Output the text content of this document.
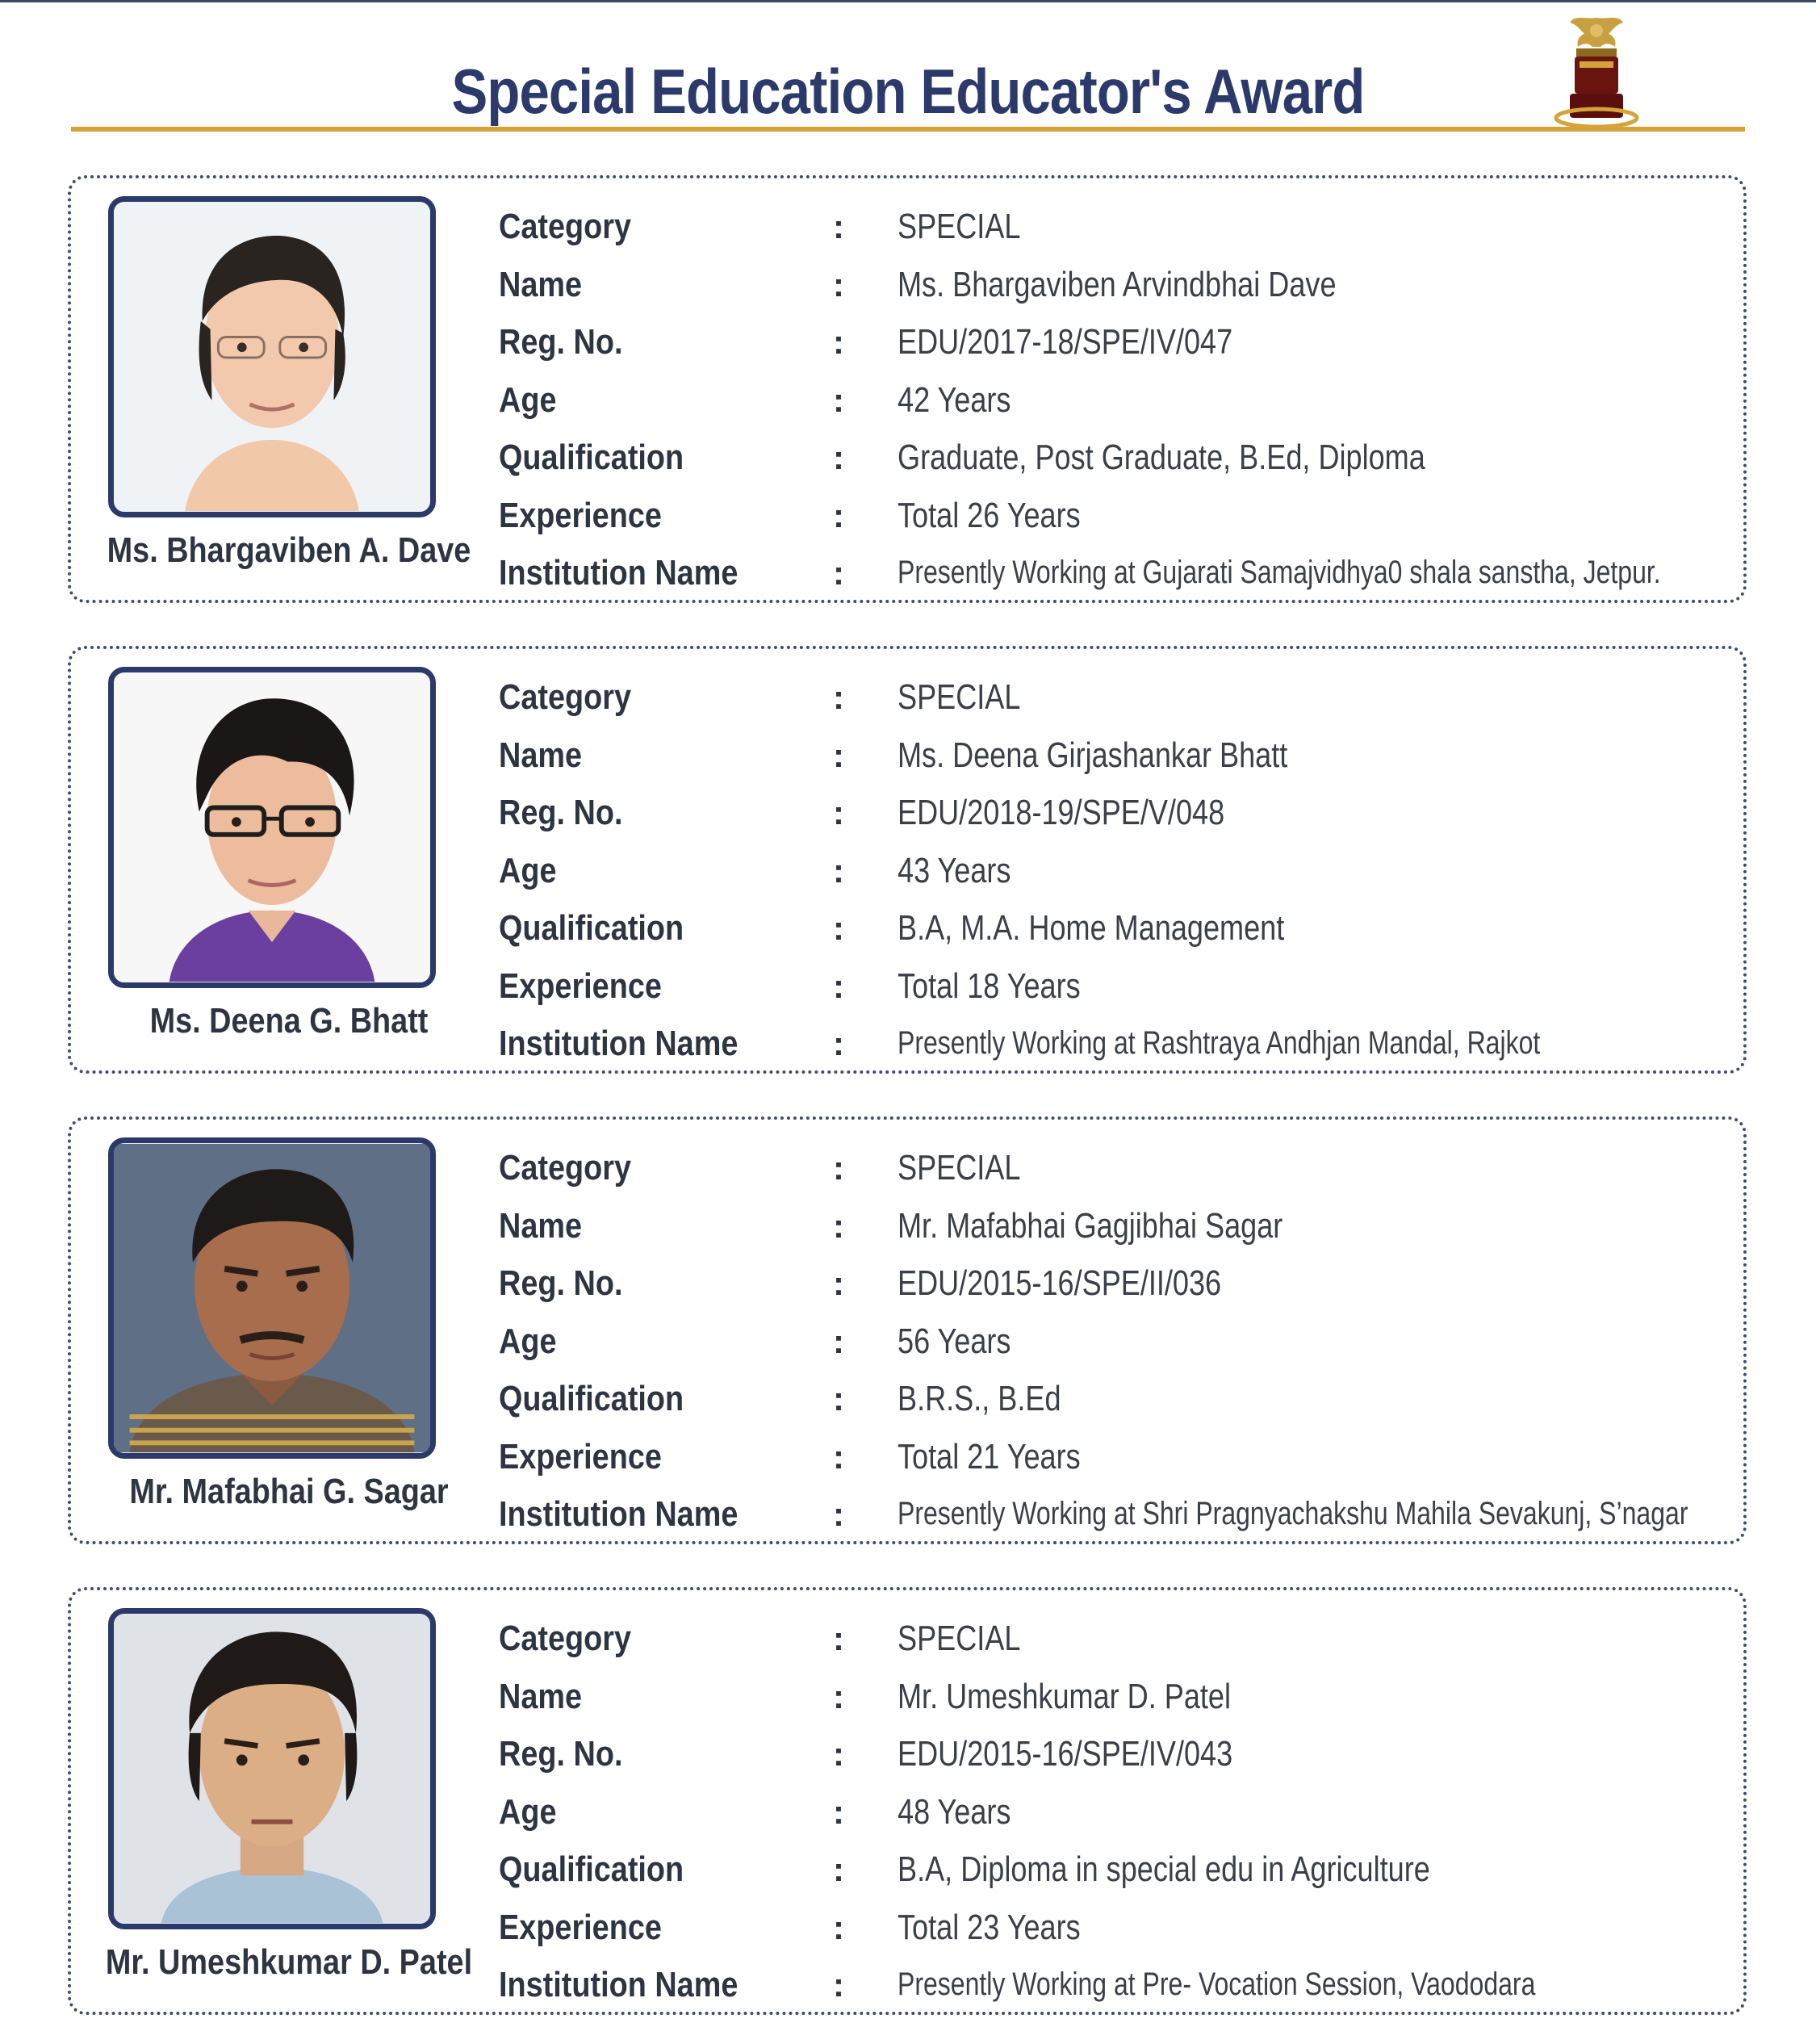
Special Education Educator's Award
Ms. Bhargaviben A. Dave
Category	: SPECIAL
Name	: Ms. Bhargaviben Arvindbhai Dave
Reg. No.	: EDU/2017-18/SPE/IV/047
Age	: 42 Years
Qualification	: Graduate, Post Graduate, B.Ed, Diploma
Experience	: Total 26 Years
Institution Name	: Presently Working at Gujarati Samajvidhya0 shala sanstha, Jetpur.
Ms. Deena G. Bhatt
Category	: SPECIAL
Name	: Ms. Deena Girjashankar Bhatt
Reg. No.	: EDU/2018-19/SPE/V/048
Age	: 43 Years
Qualification	: B.A, M.A. Home Management
Experience	: Total 18 Years
Institution Name	: Presently Working at Rashtraya Andhjan Mandal, Rajkot
Mr. Mafabhai G. Sagar
Category	: SPECIAL
Name	: Mr. Mafabhai Gagjibhai Sagar
Reg. No.	: EDU/2015-16/SPE/II/036
Age	: 56 Years
Qualification	: B.R.S., B.Ed
Experience	: Total 21 Years
Institution Name	: Presently Working at Shri Pragnyachakshu Mahila Sevakunj, S’nagar
Mr. Umeshkumar D. Patel
Category	: SPECIAL
Name	: Mr. Umeshkumar D. Patel
Reg. No.	: EDU/2015-16/SPE/IV/043
Age	: 48 Years
Qualification	: B.A, Diploma in special edu in Agriculture
Experience	: Total 23 Years
Institution Name	: Presently Working at Pre- Vocation Session, Vaododara
